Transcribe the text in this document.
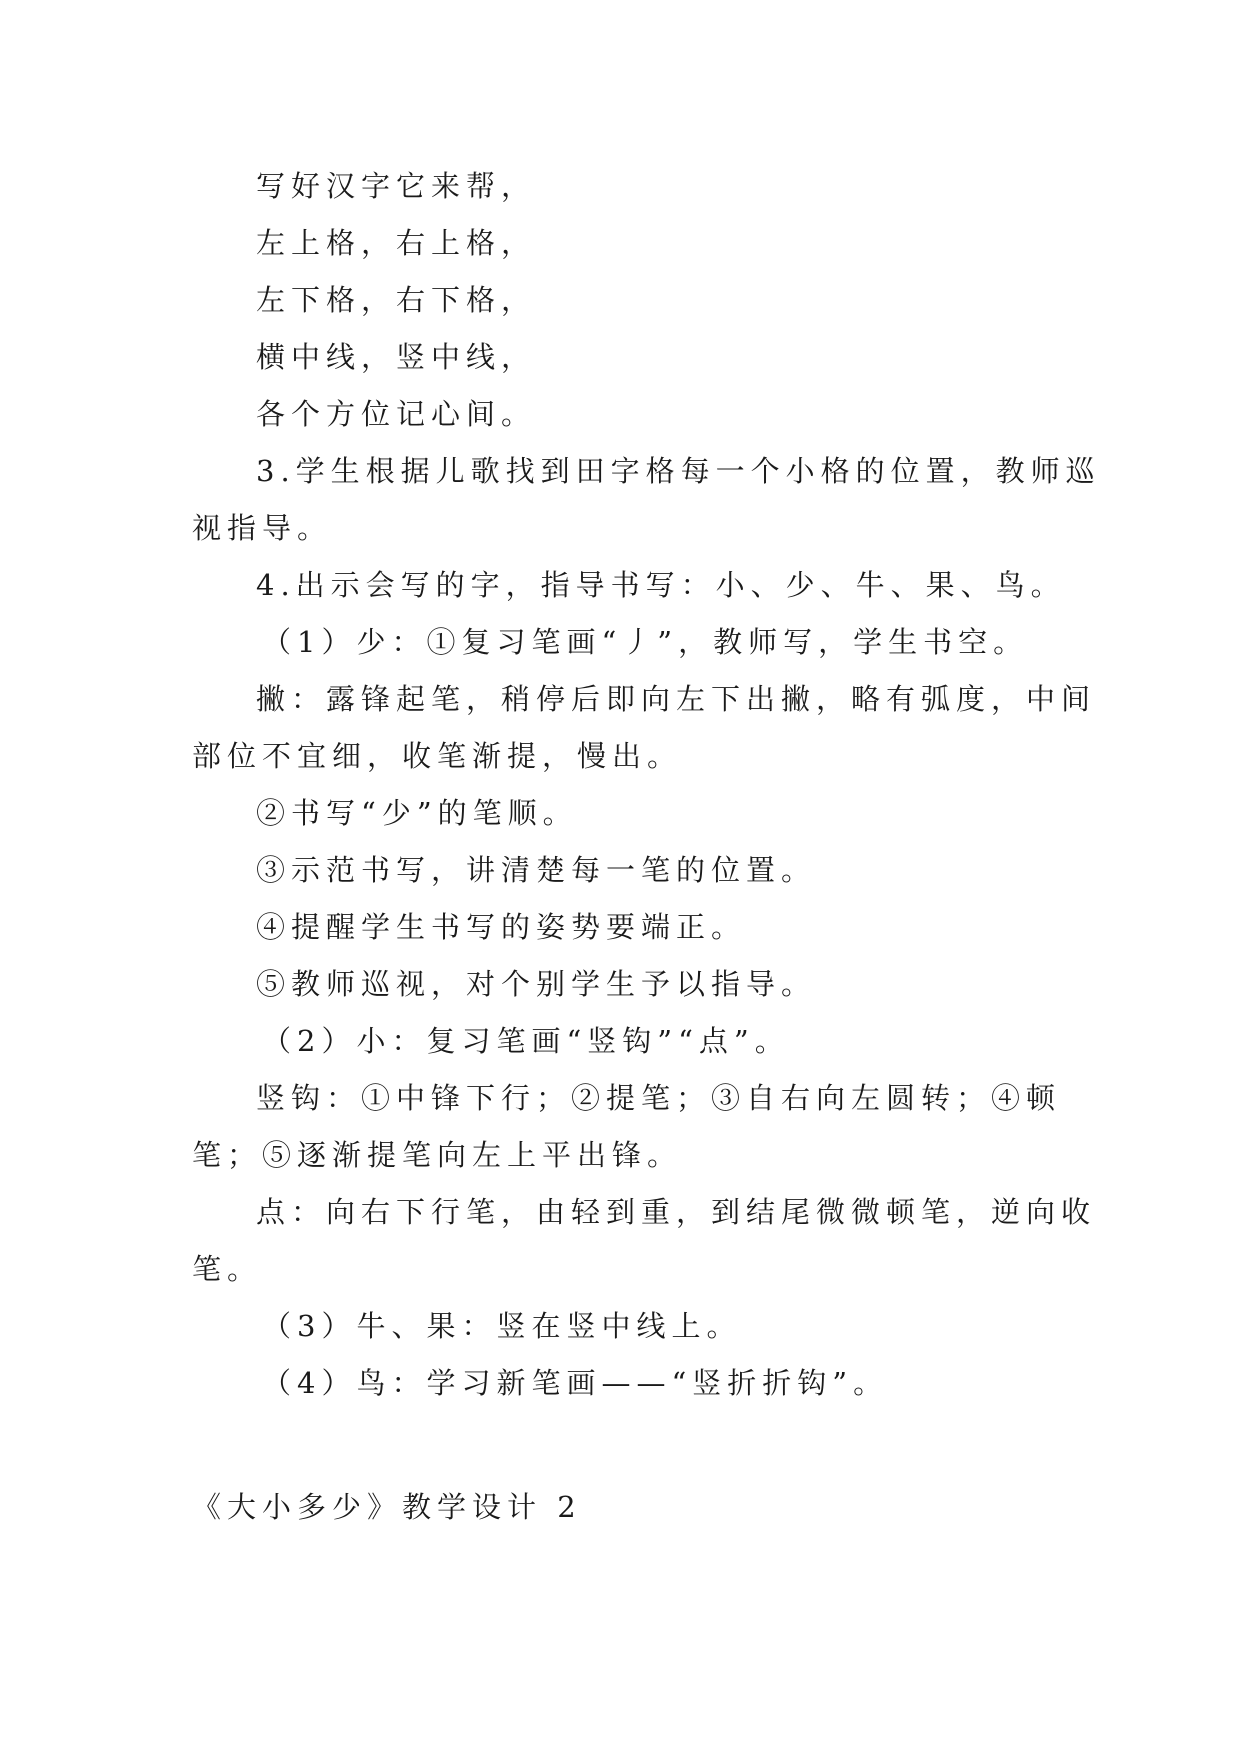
写好汉字它来帮，
左上格，右上格，
左下格，右下格，
横中线，竖中线，
各个方位记心间。
3.学生根据儿歌找到田字格每一个小格的位置，教师巡
视指导。
4.出示会写的字，指导书写：小、少、牛、果、鸟。
（1）少：①复习笔画“丿”，教师写，学生书空。
撇：露锋起笔，稍停后即向左下出撇，略有弧度，中间
部位不宜细，收笔渐提，慢出。
②书写“少”的笔顺。
③示范书写，讲清楚每一笔的位置。
④提醒学生书写的姿势要端正。
⑤教师巡视，对个别学生予以指导。
（2）小：复习笔画“竖钩”“点”。
竖钩：①中锋下行；②提笔；③自右向左圆转；④顿
笔；⑤逐渐提笔向左上平出锋。
点：向右下行笔，由轻到重，到结尾微微顿笔，逆向收
笔。
（3）牛、果：竖在竖中线上。
（4）鸟：学习新笔画——“竖折折钩”。
《大小多少》教学设计 2
